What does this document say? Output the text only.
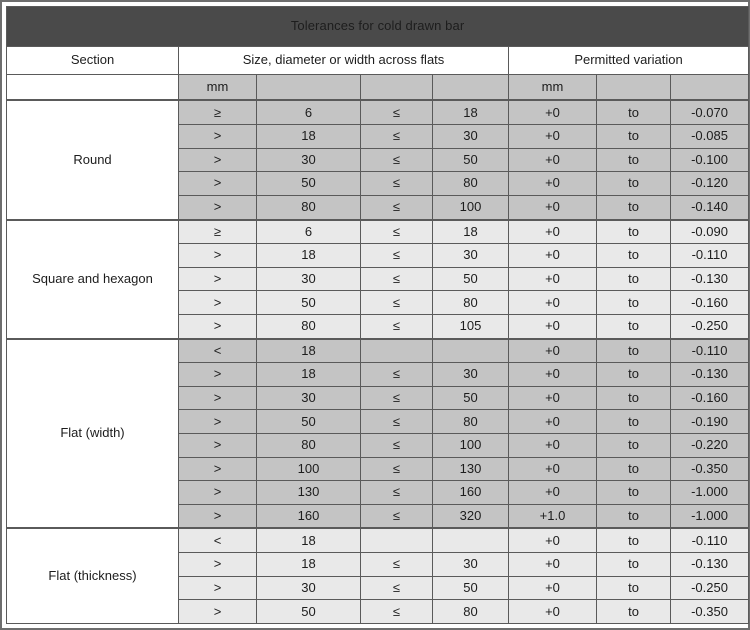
Tolerances for cold drawn bar							
Section	Size, diameter or width across flats				Permitted variation		
	mm				mm		
Round	≥	6	≤	18	+0	to	-0.070
	>	18	≤	30	+0	to	-0.085
	>	30	≤	50	+0	to	-0.100
	>	50	≤	80	+0	to	-0.120
	>	80	≤	100	+0	to	-0.140
Square and hexagon	≥	6	≤	18	+0	to	-0.090
	>	18	≤	30	+0	to	-0.110
	>	30	≤	50	+0	to	-0.130
	>	50	≤	80	+0	to	-0.160
	>	80	≤	105	+0	to	-0.250
Flat (width)	<	18			+0	to	-0.110
	>	18	≤	30	+0	to	-0.130
	>	30	≤	50	+0	to	-0.160
	>	50	≤	80	+0	to	-0.190
	>	80	≤	100	+0	to	-0.220
	>	100	≤	130	+0	to	-0.350
	>	130	≤	160	+0	to	-1.000
	>	160	≤	320	+1.0	to	-1.000
Flat (thickness)	<	18			+0	to	-0.110
	>	18	≤	30	+0	to	-0.130
	>	30	≤	50	+0	to	-0.250
	>	50	≤	80	+0	to	-0.350
